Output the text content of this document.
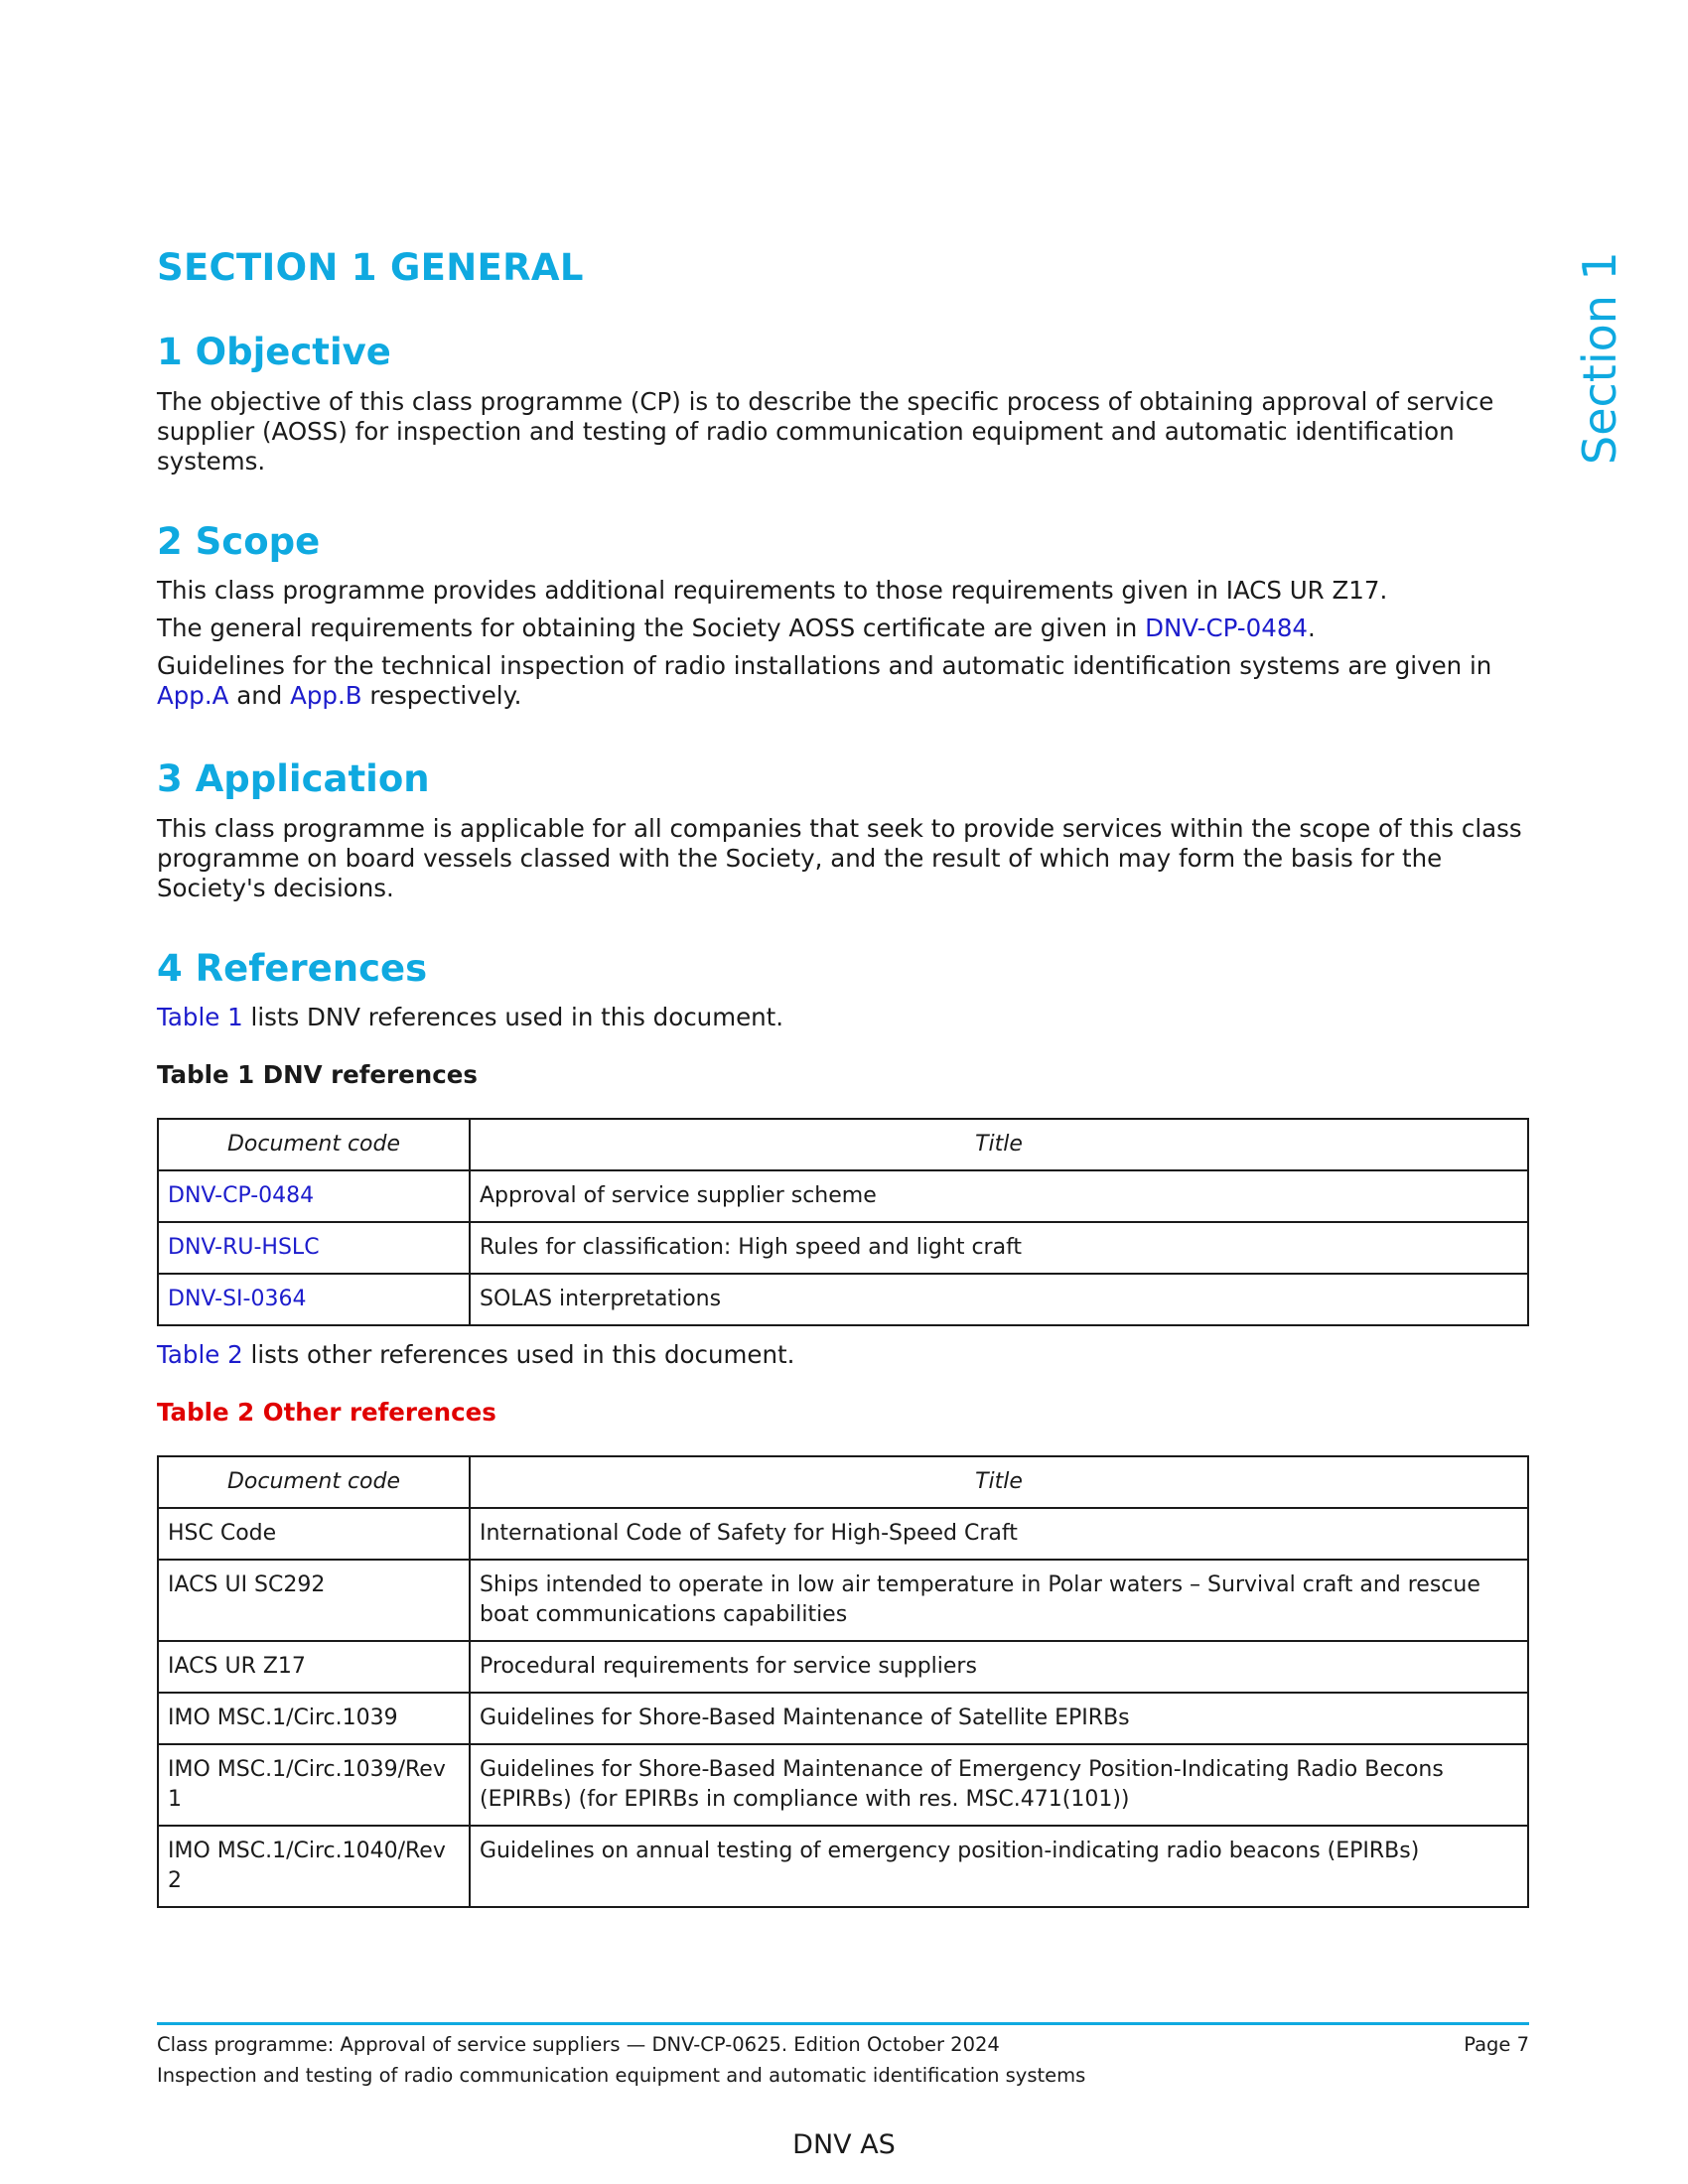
Section 1
SECTION 1 GENERAL
1 Objective

The objective of this class programme (CP) is to describe the specific process of obtaining approval of service supplier (AOSS) for inspection and testing of radio communication equipment and automatic identification systems.

2 Scope

This class programme provides additional requirements to those requirements given in IACS UR Z17.

The general requirements for obtaining the Society AOSS certificate are given in DNV-CP-0484.

Guidelines for the technical inspection of radio installations and automatic identification systems are given in App.A and App.B respectively.

3 Application

This class programme is applicable for all companies that seek to provide services within the scope of this class programme on board vessels classed with the Society, and the result of which may form the basis for the Society's decisions.

4 References

Table 1 lists DNV references used in this document.

Table 1 DNV references

Document code	Title
DNV-CP-0484	Approval of service supplier scheme
DNV-RU-HSLC	Rules for classification: High speed and light craft
DNV-SI-0364	SOLAS interpretations

Table 2 lists other references used in this document.

Table 2 Other references

Document code	Title
HSC Code	International Code of Safety for High-Speed Craft
IACS UI SC292	Ships intended to operate in low air temperature in Polar waters – Survival craft and rescue boat communications capabilities
IACS UR Z17	Procedural requirements for service suppliers
IMO MSC.1/Circ.1039	Guidelines for Shore-Based Maintenance of Satellite EPIRBs
IMO MSC.1/Circ.1039/Rev 1	Guidelines for Shore-Based Maintenance of Emergency Position-Indicating Radio Becons (EPIRBs) (for EPIRBs in compliance with res. MSC.471(101))
IMO MSC.1/Circ.1040/Rev 2	Guidelines on annual testing of emergency position-indicating radio beacons (EPIRBs)
Class programme: Approval of service suppliers — DNV-CP-0625. Edition October 2024
Inspection and testing of radio communication equipment and automatic identification systems
Page 7
DNV AS
